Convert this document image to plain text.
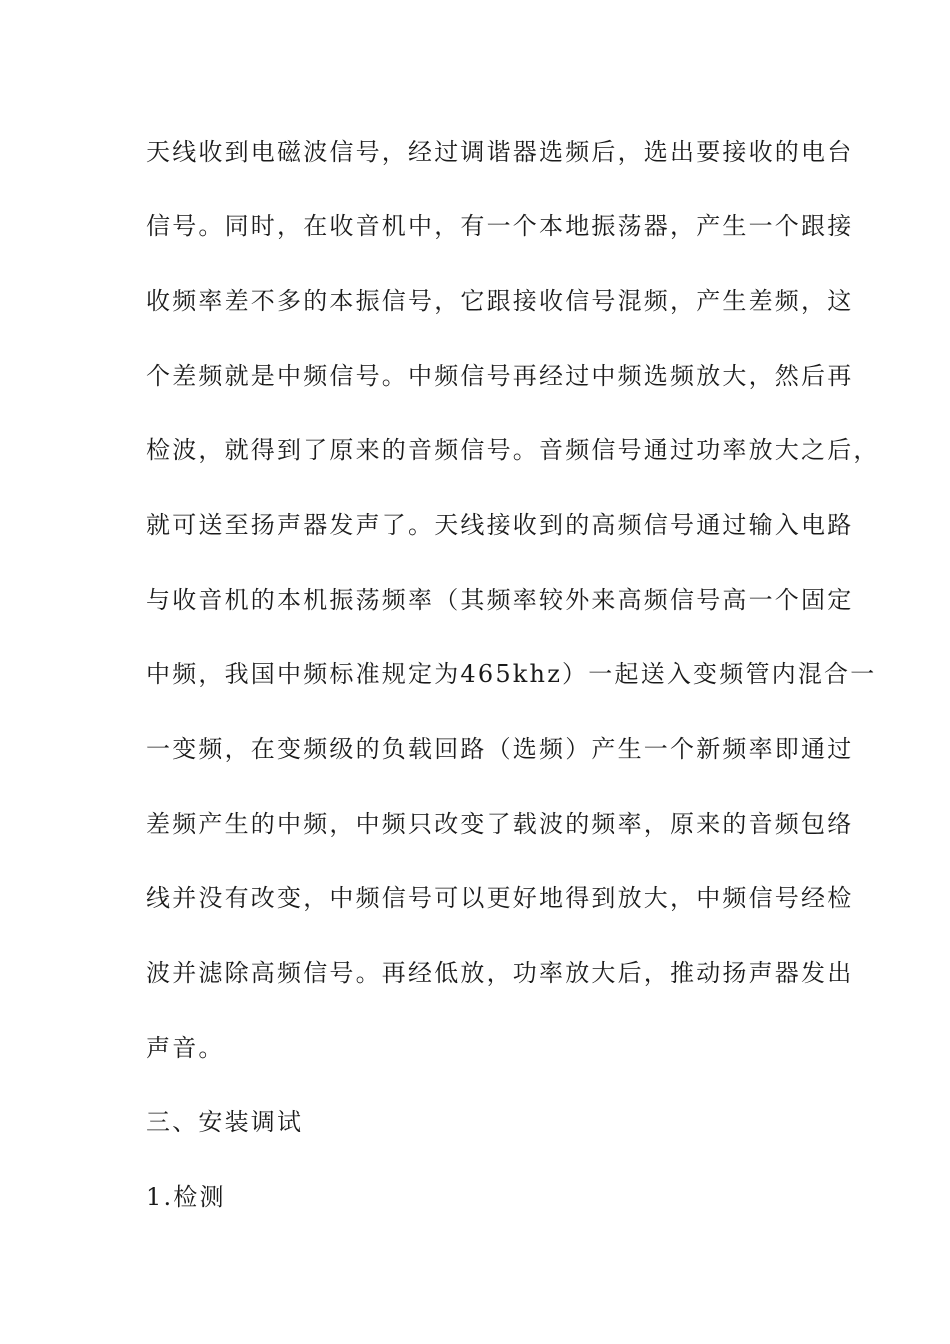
天线收到电磁波信号，经过调谐器选频后，选出要接收的电台
信号。同时，在收音机中，有一个本地振荡器，产生一个跟接
收频率差不多的本振信号，它跟接收信号混频，产生差频，这
个差频就是中频信号。中频信号再经过中频选频放大，然后再
检波，就得到了原来的音频信号。音频信号通过功率放大之后，
就可送至扬声器发声了。天线接收到的高频信号通过输入电路
与收音机的本机振荡频率（其频率较外来高频信号高一个固定
中频，我国中频标准规定为465khz）一起送入变频管内混合一
一变频，在变频级的负载回路（选频）产生一个新频率即通过
差频产生的中频，中频只改变了载波的频率，原来的音频包络
线并没有改变，中频信号可以更好地得到放大，中频信号经检
波并滤除高频信号。再经低放，功率放大后，推动扬声器发出
声音。
三、安装调试
1.检测
